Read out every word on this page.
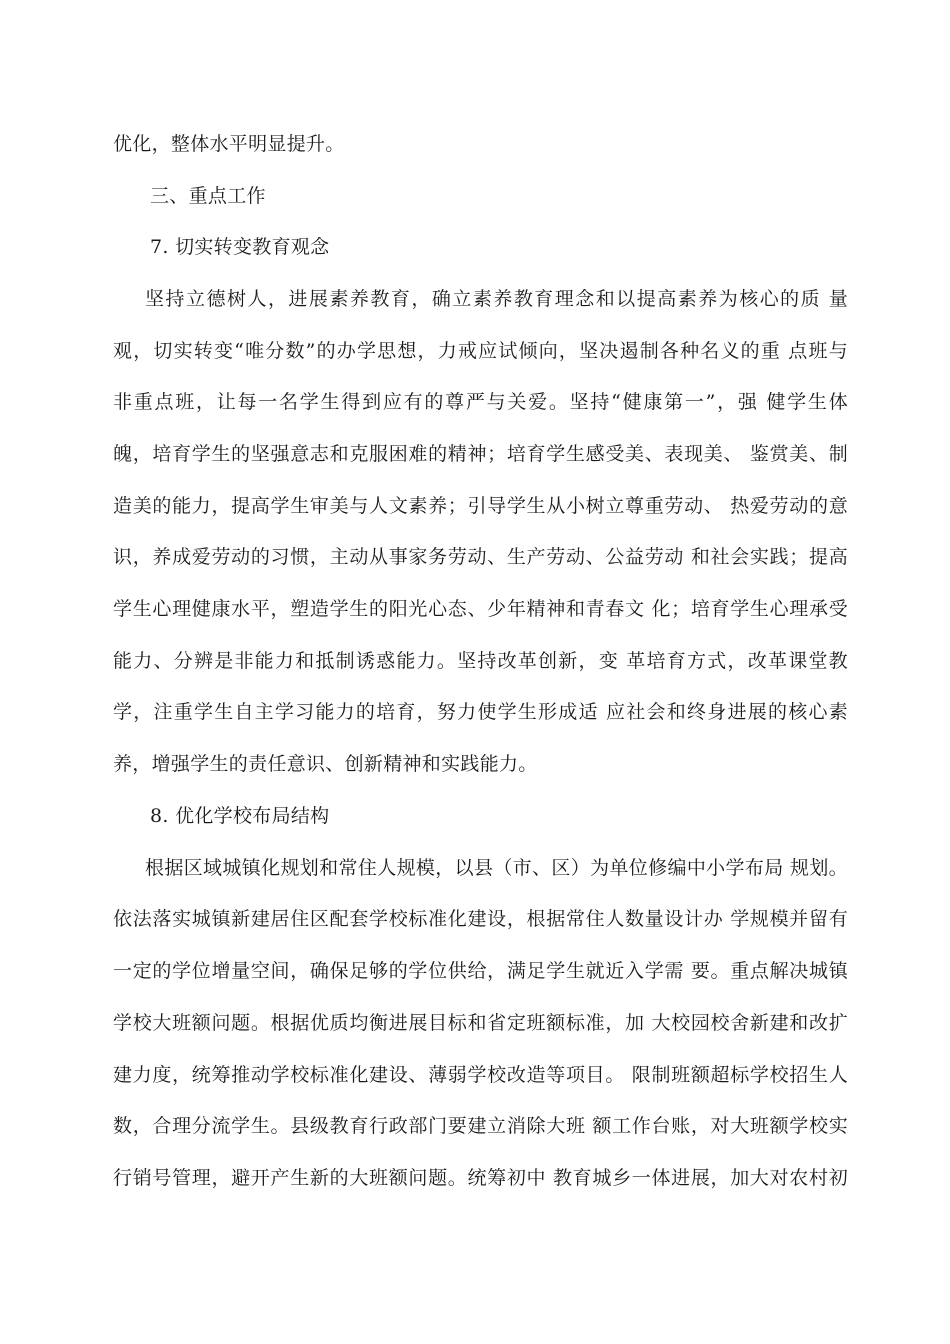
优化，整体水平明显提升。
三、重点工作
7. 切实转变教育观念
坚持立德树人，进展素养教育，确立素养教育理念和以提高素养为核心的质 量
观，切实转变“唯分数”的办学思想，力戒应试倾向，坚决遏制各种名义的重 点班与
非重点班，让每一名学生得到应有的尊严与关爱。坚持“健康第一”，强 健学生体
魄，培育学生的坚强意志和克服困难的精神；培育学生感受美、表现美、 鉴赏美、制
造美的能力，提高学生审美与人文素养；引导学生从小树立尊重劳动、 热爱劳动的意
识，养成爱劳动的习惯，主动从事家务劳动、生产劳动、公益劳动 和社会实践；提高
学生心理健康水平，塑造学生的阳光心态、少年精神和青春文 化；培育学生心理承受
能力、分辨是非能力和抵制诱惑能力。坚持改革创新，变 革培育方式，改革课堂教
学，注重学生自主学习能力的培育，努力使学生形成适 应社会和终身进展的核心素
养，增强学生的责任意识、创新精神和实践能力。
8. 优化学校布局结构
根据区域城镇化规划和常住人规模，以县（市、区）为单位修编中小学布局 规划。
依法落实城镇新建居住区配套学校标准化建设，根据常住人数量设计办 学规模并留有
一定的学位增量空间，确保足够的学位供给，满足学生就近入学需 要。重点解决城镇
学校大班额问题。根据优质均衡进展目标和省定班额标准，加 大校园校舍新建和改扩
建力度，统筹推动学校标准化建设、薄弱学校改造等项目。 限制班额超标学校招生人
数，合理分流学生。县级教育行政部门要建立消除大班 额工作台账，对大班额学校实
行销号管理，避开产生新的大班额问题。统筹初中 教育城乡一体进展，加大对农村初
